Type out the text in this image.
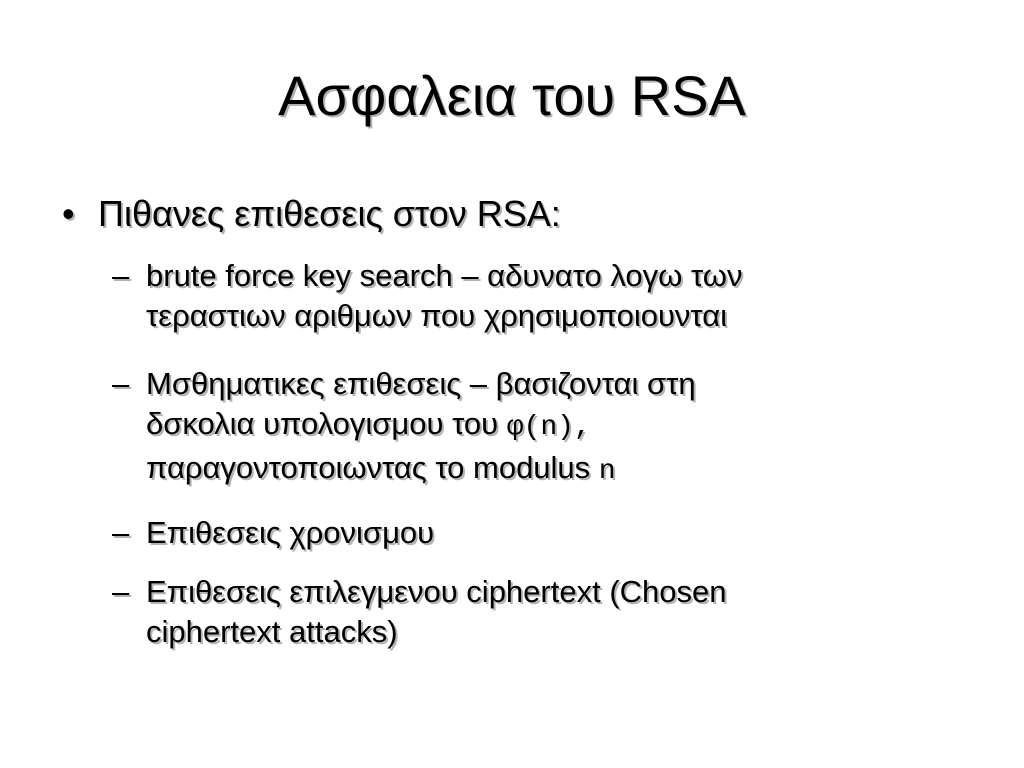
Ασφαλεια του RSA
• Πιθανες επιθεσεις στον RSA:
– brute force key search – αδυνατο λογω των
τεραστιων αριθμων που χρησιμοποιουνται
– Μσθηματικες επιθεσεις – βασιζονται στη
δσκολια υπολογισμου του φ(n),
παραγοντοποιωντας το modulus n
– Επιθεσεις χρονισμου
– Επιθεσεις επιλεγμενου ciphertext (Chosen
ciphertext attacks)
